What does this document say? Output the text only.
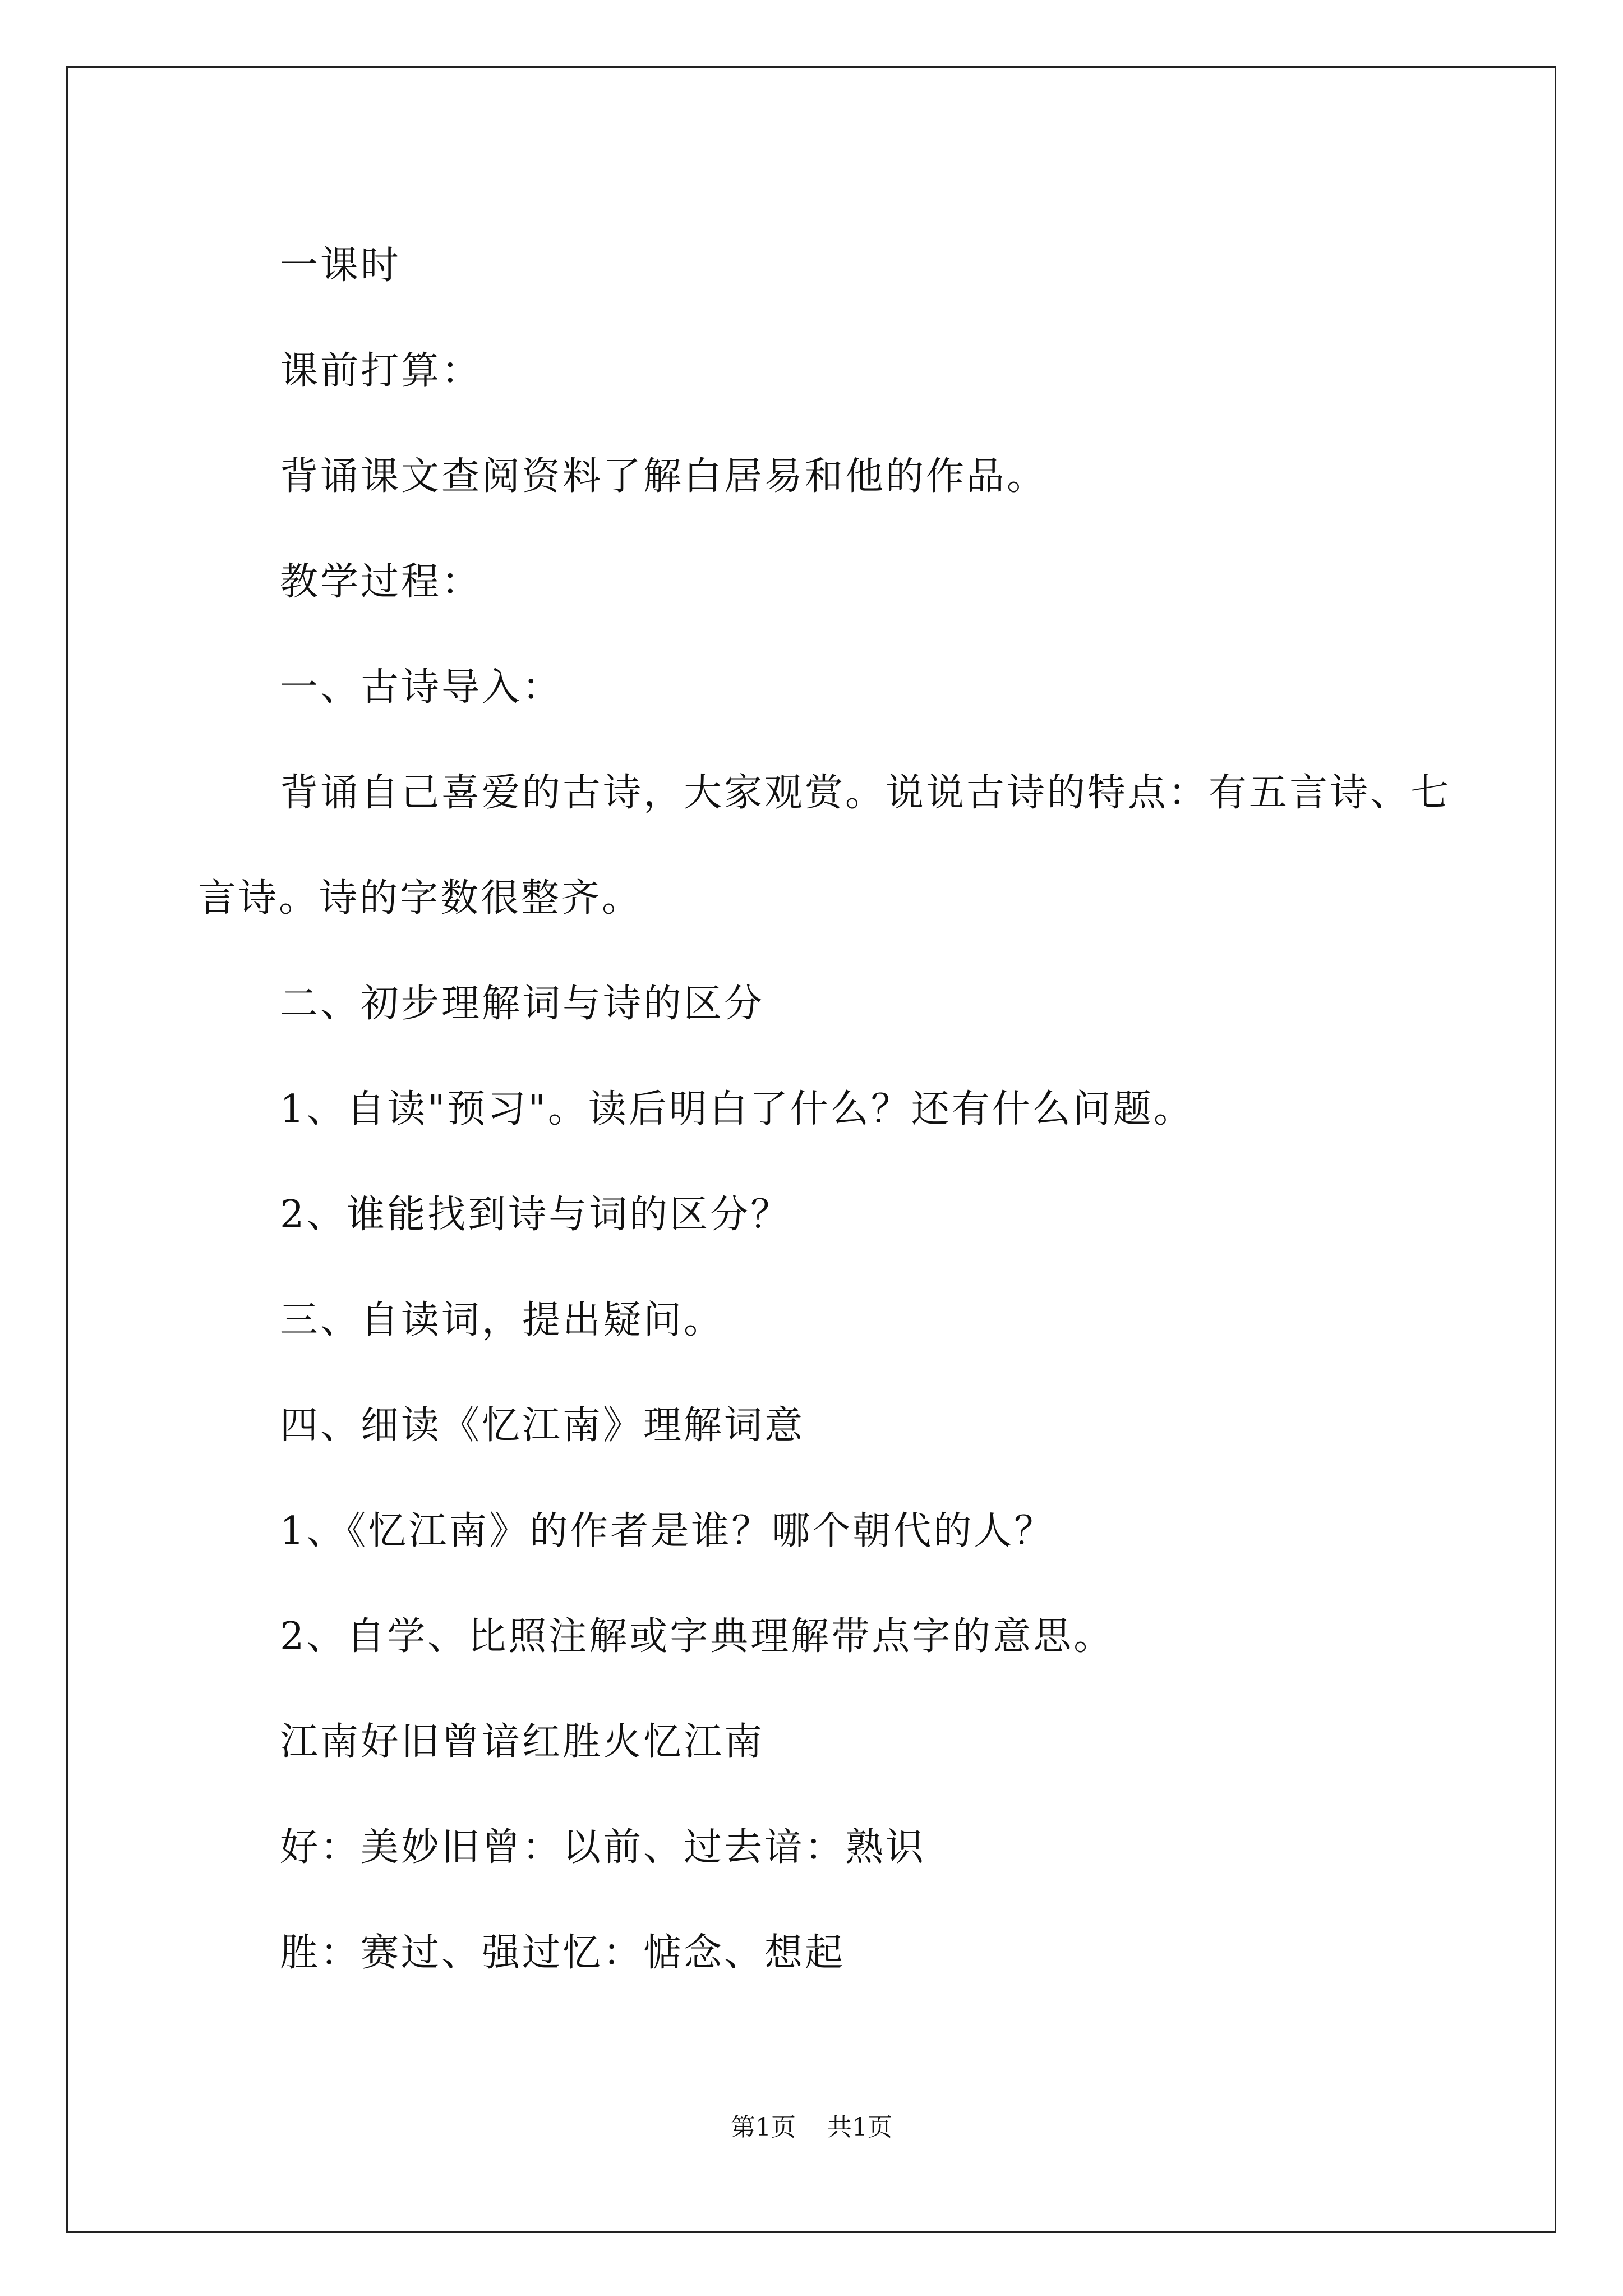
一课时

课前打算：

背诵课文查阅资料了解白居易和他的作品。

教学过程：

一、古诗导入：

背诵自己喜爱的古诗，大家观赏。说说古诗的特点：有五言诗、七言诗。诗的字数很整齐。

二、初步理解词与诗的区分

1、自读"预习"。读后明白了什么？还有什么问题。

2、谁能找到诗与词的区分？

三、自读词，提出疑问。

四、细读《忆江南》理解词意

1、《忆江南》的作者是谁？哪个朝代的人？

2、自学、比照注解或字典理解带点字的意思。

江南好旧曾谙红胜火忆江南

好：美妙旧曾：以前、过去谙：熟识

胜：赛过、强过忆：惦念、想起

第1页 共1页
